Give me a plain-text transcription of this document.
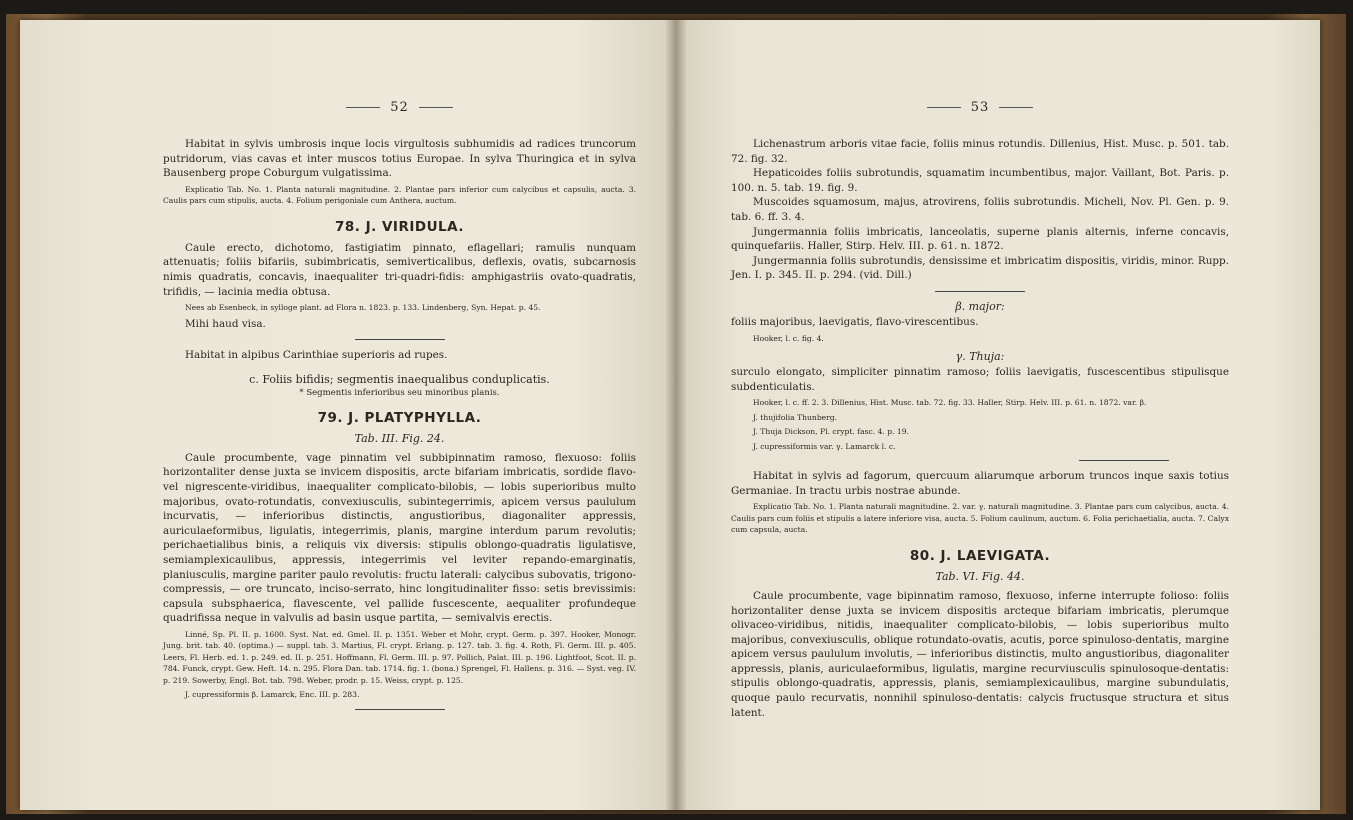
52

Habitat in sylvis umbrosis inque locis virgultosis subhumidis ad radices truncorum putridorum, vias cavas et inter muscos totius Europae. In sylva Thuringica et in sylva Bausenberg prope Coburgum vulgatissima.

Explicatio Tab. No. 1. Planta naturali magnitudine. 2. Plantae pars inferior cum calycibus et capsulis, aucta. 3. Caulis pars cum stipulis, aucta. 4. Folium perigoniale cum Anthera, auctum.

78. J. VIRIDULA.

Caule erecto, dichotomo, fastigiatim pinnato, eflagellari; ramulis nunquam attenuatis; foliis bifariis, subimbricatis, semiverticalibus, deflexis, ovatis, subcarnosis nimis quadratis, concavis, inaequaliter tri-quadri-fidis: amphigastriis ovato-quadratis, trifidis, — lacinia media obtusa.

Nees ab Esenbeck, in sylloge plant. ad Flora n. 1823. p. 133. Lindenberg, Syn. Hepat. p. 45.

Mihi haud visa.

Habitat in alpibus Carinthiae superioris ad rupes.

c. Foliis bifidis; segmentis inaequalibus conduplicatis.
* Segmentis inferioribus seu minoribus planis.
79. J. PLATYPHYLLA.
Tab. III. Fig. 24.

Caule procumbente, vage pinnatim vel subbipinnatim ramoso, flexuoso: foliis horizontaliter dense juxta se invicem dispositis, arcte bifariam imbricatis, sordide flavo-vel nigrescente-viridibus, inaequaliter complicato-bilobis, — lobis superioribus multo majoribus, ovato-rotundatis, convexiusculis, subintegerrimis, apicem versus paululum incurvatis, — inferioribus distinctis, angustioribus, diagonaliter appressis, auriculaeformibus, ligulatis, integerrimis, planis, margine interdum parum revolutis; perichaetialibus binis, a reliquis vix diversis: stipulis oblongo-quadratis ligulatisve, semiamplexicaulibus, appressis, integerrimis vel leviter repando-emarginatis, planiusculis, margine pariter paulo revolutis: fructu laterali: calycibus subovatis, trigono-compressis, — ore truncato, inciso-serrato, hinc longitudinaliter fisso: setis brevissimis: capsula subsphaerica, flavescente, vel pallide fuscescente, aequaliter profundeque quadrifissa neque in valvulis ad basin usque partita, — semivalvis erectis.

Linné, Sp. Pl. II. p. 1600. Syst. Nat. ed. Gmel. II. p. 1351. Weber et Mohr, crypt. Germ. p. 397. Hooker, Monogr. Jung. brit. tab. 40. (optima.) — suppl. tab. 3. Martius, Fl. crypt. Erlang. p. 127. tab. 3. fig. 4. Roth, Fl. Germ. III. p. 405. Leers, Fl. Herb. ed. 1. p. 249. ed. II. p. 251. Hoffmann, Fl. Germ. III. p. 97. Pollich, Palat. III. p. 196. Lightfoot, Scot. II. p. 784. Funck, crypt. Gew. Heft. 14. n. 295. Flora Dan. tab. 1714. fig. 1. (bona.) Sprengel, Fl. Hallens. p. 316. — Syst. veg. IV. p. 219. Sowerby, Engl. Bot. tab. 798. Weber, prodr. p. 15. Weiss, crypt. p. 125.

J. cupressiformis β. Lamarck, Enc. III. p. 283.

53

Lichenastrum arboris vitae facie, foliis minus rotundis. Dillenius, Hist. Musc. p. 501. tab. 72. fig. 32.

Hepaticoides foliis subrotundis, squamatim incumbentibus, major. Vaillant, Bot. Paris. p. 100. n. 5. tab. 19. fig. 9.

Muscoides squamosum, majus, atrovirens, foliis subrotundis. Micheli, Nov. Pl. Gen. p. 9. tab. 6. ff. 3. 4.

Jungermannia foliis imbricatis, lanceolatis, superne planis alternis, inferne concavis, quinquefariis. Haller, Stirp. Helv. III. p. 61. n. 1872.

Jungermannia foliis subrotundis, densissime et imbricatim dispositis, viridis, minor. Rupp. Jen. I. p. 345. II. p. 294. (vid. Dill.)

β. major:

foliis majoribus, laevigatis, flavo-virescentibus.

Hooker, l. c. fig. 4.

γ. Thuja:

surculo elongato, simpliciter pinnatim ramoso; foliis laevigatis, fuscescentibus stipulisque subdenticulatis.

Hooker, l. c. ff. 2. 3. Dillenius, Hist. Musc. tab. 72. fig. 33. Haller, Stirp. Helv. III. p. 61. n. 1872. var. β.

J. thujifolia Thunberg.

J. Thuja Dickson, Pl. crypt. fasc. 4. p. 19.

J. cupressiformis var. γ. Lamarck l. c.

Habitat in sylvis ad fagorum, quercuum aliarumque arborum truncos inque saxis totius Germaniae. In tractu urbis nostrae abunde.

Explicatio Tab. No. 1. Planta naturali magnitudine. 2. var. γ. naturali magnitudine. 3. Plantae pars cum calycibus, aucta. 4. Caulis pars cum foliis et stipulis a latere inferiore visa, aucta. 5. Folium caulinum, auctum. 6. Folia perichaetialia, aucta. 7. Calyx cum capsula, aucta.

80. J. LAEVIGATA.
Tab. VI. Fig. 44.

Caule procumbente, vage bipinnatim ramoso, flexuoso, inferne interrupte folioso: foliis horizontaliter dense juxta se invicem dispositis arcteque bifariam imbricatis, plerumque olivaceo-viridibus, nitidis, inaequaliter complicato-bilobis, — lobis superioribus multo majoribus, convexiusculis, oblique rotundato-ovatis, acutis, porce spinuloso-dentatis, margine apicem versus paululum involutis, — inferioribus distinctis, multo angustioribus, diagonaliter appressis, planis, auriculaeformibus, ligulatis, margine recurviusculis spinulosoque-dentatis: stipulis oblongo-quadratis, appressis, planis, semiamplexicaulibus, margine subundulatis, quoque paulo recurvatis, nonnihil spinuloso-dentatis: calycis fructusque structura et situs latent.
